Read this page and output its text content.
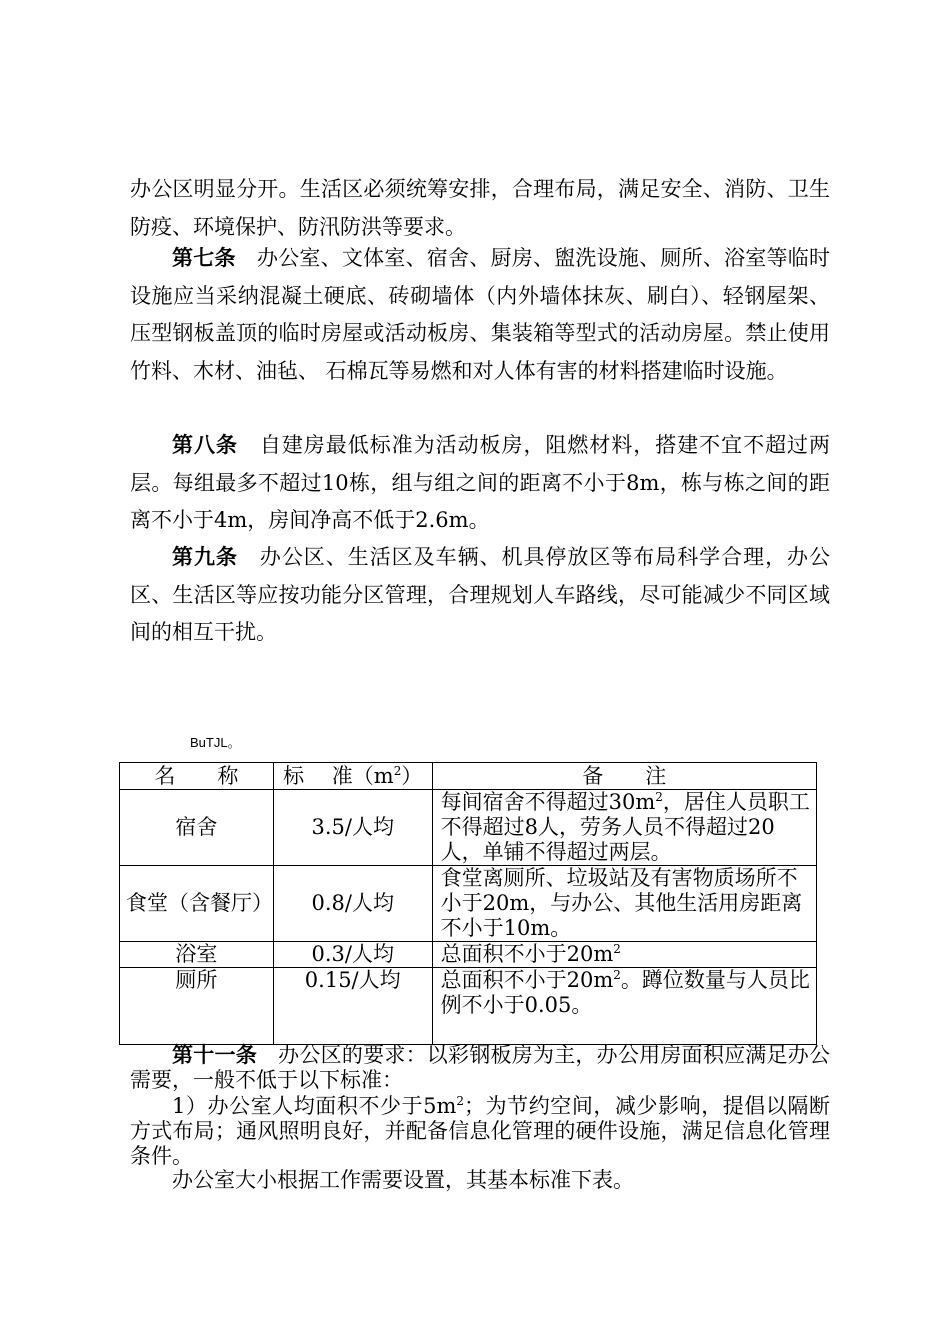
办公区明显分开。生活区必须统筹安排，合理布局，满足安全、消防、卫生防疫、环境保护、防汛防洪等要求。

第七条　 办公室、文体室、宿舍、厨房、盥洗设施、厕所、浴室等临时设施应当采纳混凝土硬底、砖砌墙体（内外墙体抹灰、刷白）、轻钢屋架、压型钢板盖顶的临时房屋或活动板房、集装箱等型式的活动房屋。禁止使用竹料、木材、油毡、 石棉瓦等易燃和对人体有害的材料搭建临时设施。

第八条　 自建房最低标准为活动板房，阻燃材料，搭建不宜不超过两层。每组最多不超过10栋，组与组之间的距离不小于8m，栋与栋之间的距离不小于4m，房间净高不低于2.6m。

第九条　 办公区、生活区及车辆、机具停放区等布局科学合理，办公区、生活区等应按功能分区管理，合理规划人车路线，尽可能减少不同区域间的相互干扰。

BuTJL。
名　　称	标　 准$(m^2)$	备　　注
宿舍	3.5/人均	每间宿舍不得超过$30m^2$，居住人员职工不得超过8人，劳务人员不得超过20人，单铺不得超过两层。
食堂（含餐厅）	0.8/人均	食堂离厕所、垃圾站及有害物质场所不小于20m，与办公、其他生活用房距离不小于10m。
浴室	0.3/人均	总面积不小于$20m^2$
厕所	0.15/人均	总面积不小于$20m^2$。蹲位数量与人员比例不小于0.05。

第十一条　 办公区的要求：以彩钢板房为主，办公用房面积应满足办公需要，一般不低于以下标准：

1）办公室人均面积不少于$5m^2$；为节约空间，减少影响，提倡以隔断方式布局；通风照明良好，并配备信息化管理的硬件设施，满足信息化管理条件。

办公室大小根据工作需要设置，其基本标准下表。
